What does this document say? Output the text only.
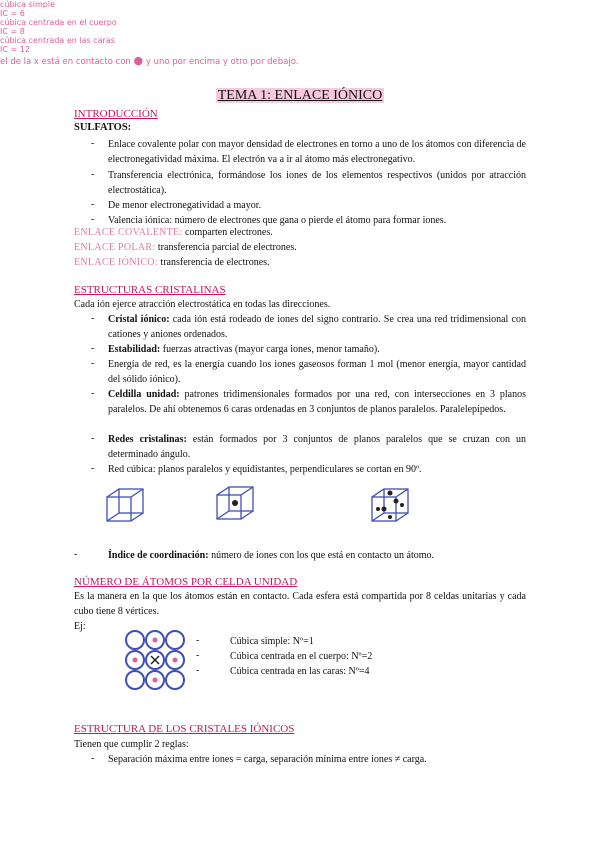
TEMA 1: ENLACE IÓNICO
INTRODUCCIÓN
SULFATOS:
- Enlace covalente polar con mayor densidad de electrones en torno a uno de los átomos con diferencia de electronegatividad máxima. El electrón va a ir al átomo más electronegativo.
- Transferencia electrónica, formándose los iones de los elementos respectivos (unidos por atracción electrostática).
- De menor electronegatividad a mayor.
- Valencia iónica: número de electrones que gana o pierde el átomo para formar iones.
ENLACE COVALENTE: comparten electrones.
ENLACE POLAR: transferencia parcial de electrones.
ENLACE IÓNICO: transferencia de electrones.
ESTRUCTURAS CRISTALINAS
Cada ión ejerce atracción electrostática en todas las direcciones.
- Cristal iónico: cada ión está rodeado de iones del signo contrario. Se crea una red tridimensional con cationes y aniones ordenados.
- Estabilidad: fuerzas atractivas (mayor carga iones, menor tamaño).
- Energía de red, es la energía cuando los iones gaseosos forman 1 mol (menor energía, mayor cantidad del sólido iónico).
- Celdilla unidad: patrones tridimensionales formados por una red, con intersecciones en 3 planos paralelos. De ahí obtenemos 6 caras ordenadas en 3 conjuntos de planos paralelos. Paralelepípedos.
- Redes cristalinas: están formados por 3 conjuntos de planos paralelos que se cruzan con un determinado ángulo.
- Red cúbica: planos paralelos y equidistantes, perpendiculares se cortan en 90º.
cúbica simple
IC = 6
cúbica centrada en el cuerpo
IC = 8
cúbica centrada en las caras
IC = 12
-	Índice de coordinación: número de iones con los que está en contacto un átomo.
NÚMERO DE ÁTOMOS POR CELDA UNIDAD
Es la manera en la que los átomos están en contacto. Cada esfera está compartida por 8 celdas unitarias y cada cubo tiene 8 vértices.
Ej:
-	Cúbica simple: Nº=1
-	Cúbica centrada en el cuerpo: Nº=2
-	Cúbica centrada en las caras: Nº=4
el de la x está en contacto con ● y uno por encima y otro por debajo.
ESTRUCTURA DE LOS CRISTALES IÓNICOS
Tienen que cumplir 2 reglas:
- Separación máxima entre iones = carga, separación mínima entre iones ≠ carga.
